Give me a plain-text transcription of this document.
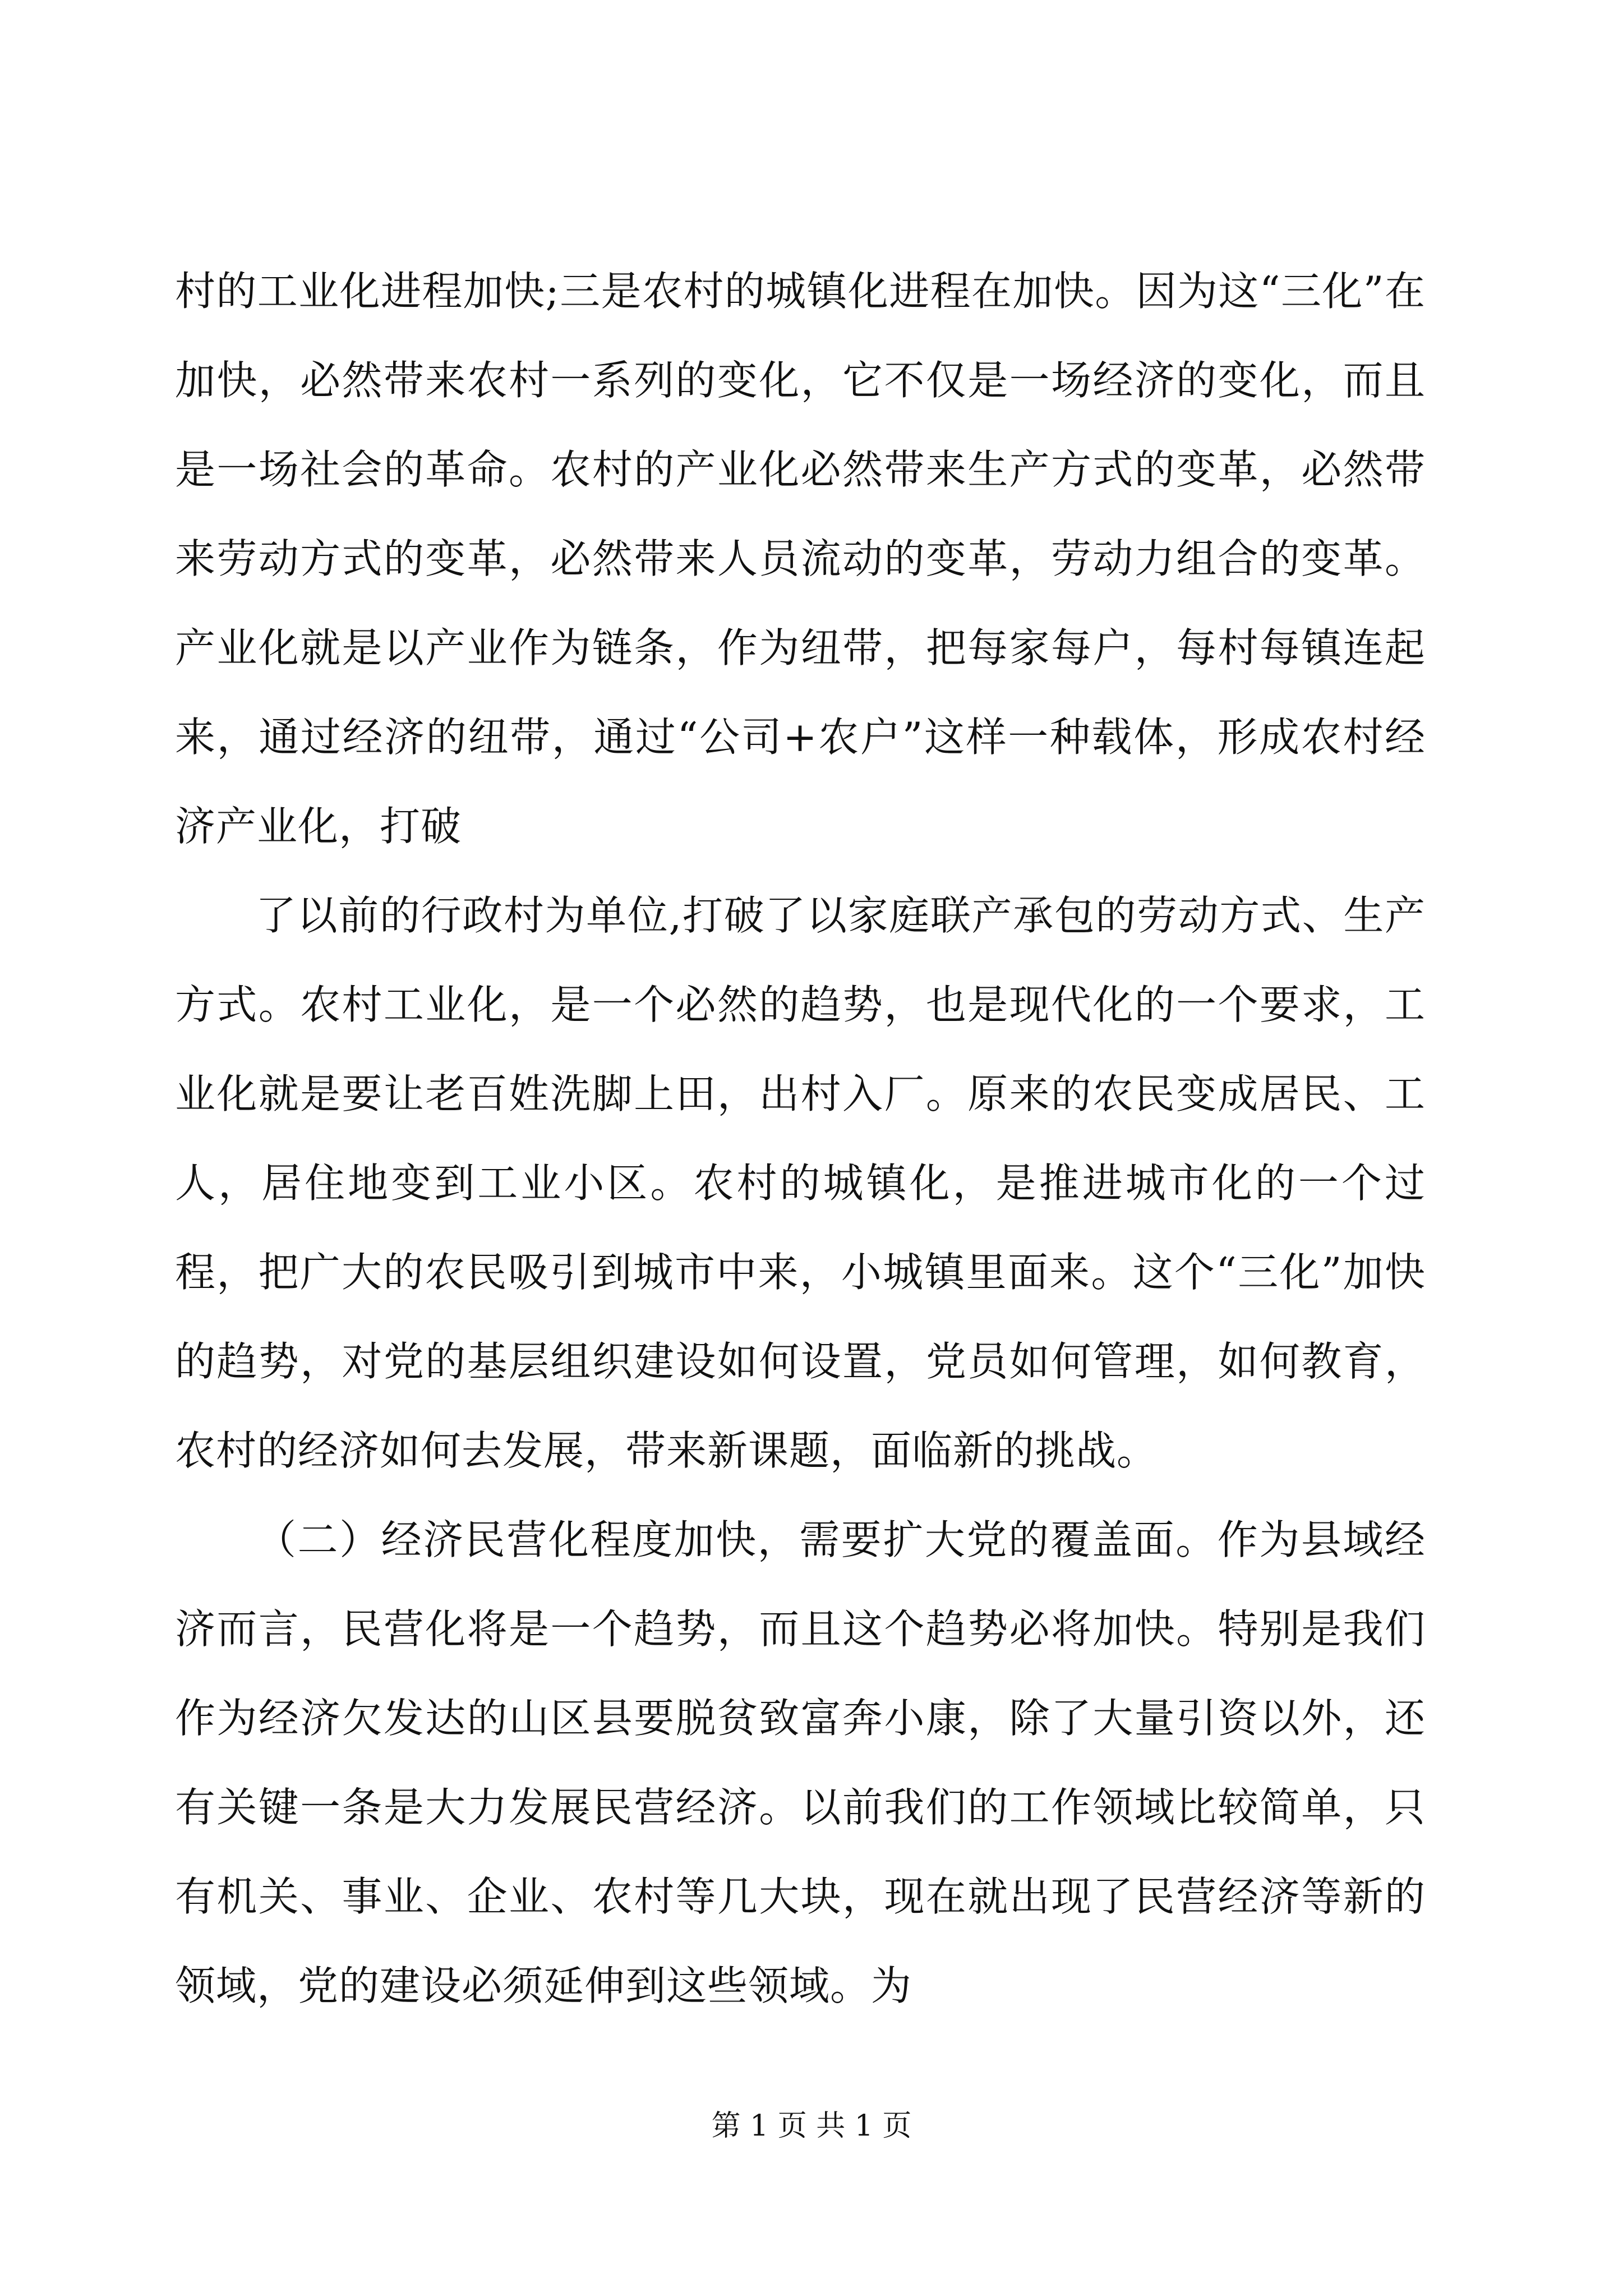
村的工业化进程加快;三是农村的城镇化进程在加快。因为这“三化”在加快，必然带来农村一系列的变化，它不仅是一场经济的变化，而且是一场社会的革命。农村的产业化必然带来生产方式的变革，必然带来劳动方式的变革，必然带来人员流动的变革，劳动力组合的变革。产业化就是以产业作为链条，作为纽带，把每家每户，每村每镇连起来，通过经济的纽带，通过“公司+农户”这样一种载体，形成农村经济产业化，打破

了以前的行政村为单位,打破了以家庭联产承包的劳动方式、生产方式。农村工业化，是一个必然的趋势，也是现代化的一个要求，工业化就是要让老百姓洗脚上田，出村入厂。原来的农民变成居民、工人，居住地变到工业小区。农村的城镇化，是推进城市化的一个过程，把广大的农民吸引到城市中来，小城镇里面来。这个“三化”加快的趋势，对党的基层组织建设如何设置，党员如何管理，如何教育，农村的经济如何去发展，带来新课题，面临新的挑战。

（二）经济民营化程度加快，需要扩大党的覆盖面。作为县域经济而言，民营化将是一个趋势，而且这个趋势必将加快。特别是我们作为经济欠发达的山区县要脱贫致富奔小康，除了大量引资以外，还有关键一条是大力发展民营经济。以前我们的工作领域比较简单，只有机关、事业、企业、农村等几大块，现在就出现了民营经济等新的领域，党的建设必须延伸到这些领域。为

第 1 页 共 1 页
